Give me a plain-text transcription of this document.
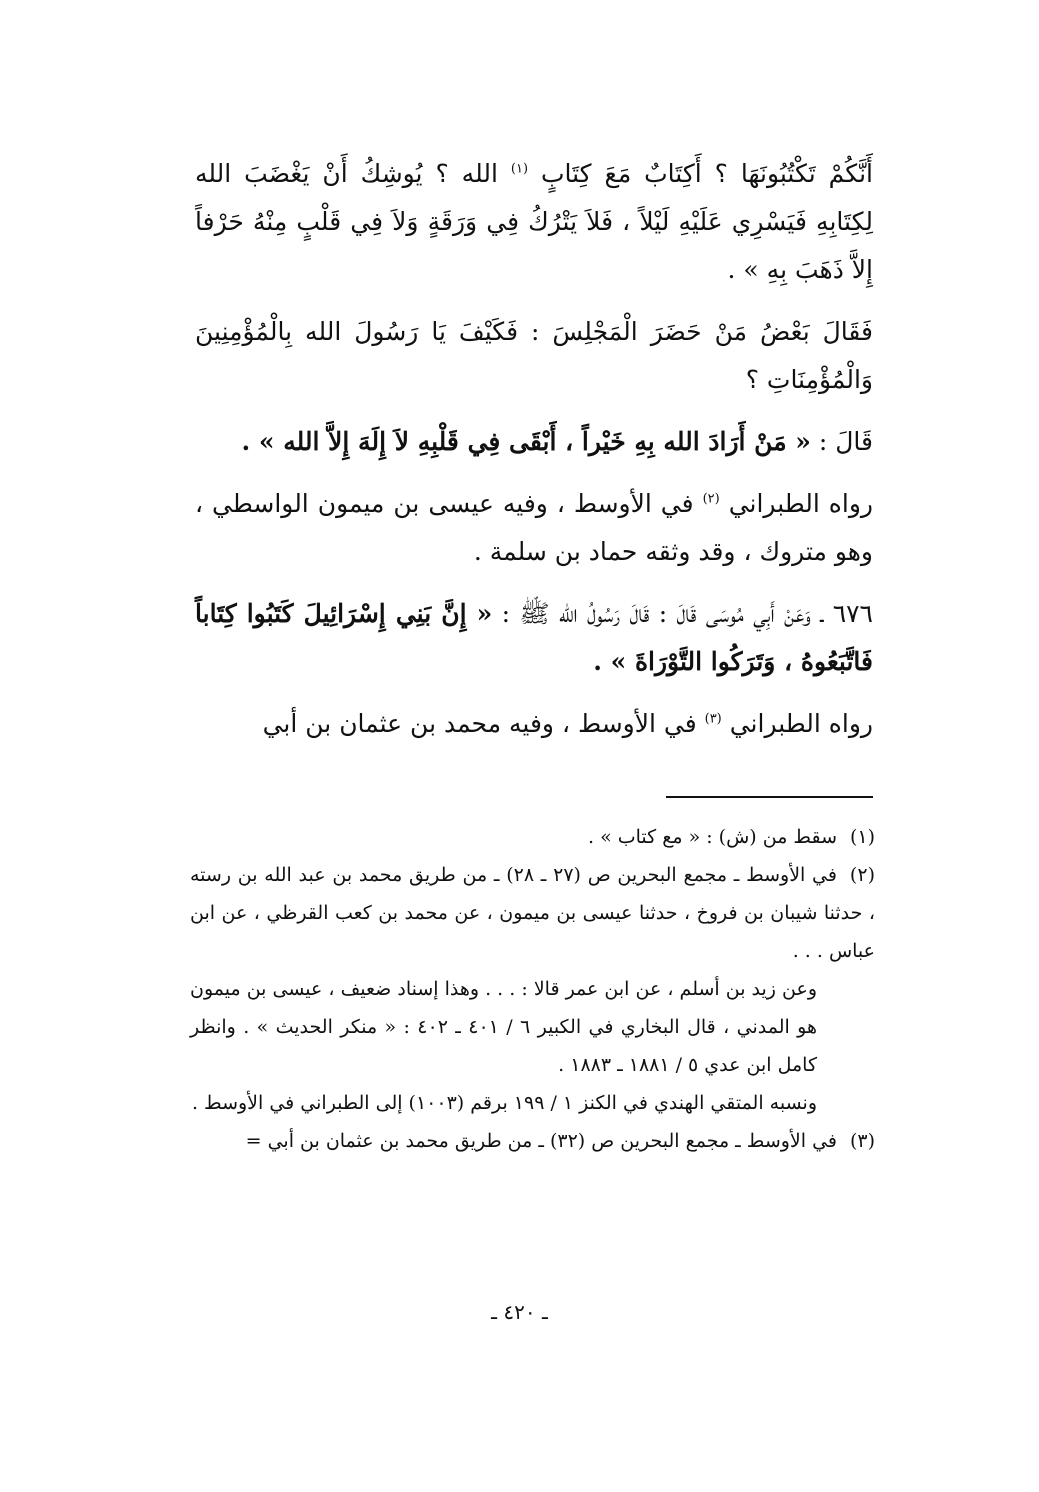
أَنَّكُمْ تَكْتُبُونَهَا ؟ أَكِتَابٌ مَعَ كِتَابٍ $^{(١)}$ الله ؟ يُوشِكُ أَنْ يَغْضَبَ الله لِكِتَابِهِ فَيَسْرِي عَلَيْهِ لَيْلاً ، فَلاَ يَتْرُكُ فِي وَرَقَةٍ وَلاَ فِي قَلْبٍ مِنْهُ حَرْفاً إِلاَّ ذَهَبَ بِهِ » .

فَقَالَ بَعْضُ مَنْ حَضَرَ الْمَجْلِسَ : فَكَيْفَ يَا رَسُولَ الله بِالْمُؤْمِنِينَ وَالْمُؤْمِنَاتِ ؟

قَالَ : « مَنْ أَرَادَ الله بِهِ خَيْراً ، أَبْقَى فِي قَلْبِهِ لاَ إِلَهَ إِلاَّ الله » .

رواه الطبراني $^{(٢)}$ في الأوسط ، وفيه عيسى بن ميمون الواسطي ، وهو متروك ، وقد وثقه حماد بن سلمة .

٦٧٦ ـ وَعَنْ أَبِي مُوسَى قَالَ : قَالَ رَسُولُ الله ﷺ : « إِنَّ بَنِي إِسْرَائِيلَ كَتَبُوا كِتَاباً فَاتَّبَعُوهُ ، وَتَرَكُوا التَّوْرَاةَ » .

رواه الطبراني $^{(٣)}$ في الأوسط ، وفيه محمد بن عثمان بن أبي

(١)سقط من (ش) : « مع كتاب » .

(٢)في الأوسط ـ مجمع البحرين ص (٢٧ ـ ٢٨) ـ من طريق محمد بن عبد الله بن رسته ، حدثنا شيبان بن فروخ ، حدثنا عيسى بن ميمون ، عن محمد بن كعب القرظي ، عن ابن عباس . . .

وعن زيد بن أسلم ، عن ابن عمر قالا : . . . وهذا إسناد ضعيف ، عيسى بن ميمون هو المدني ، قال البخاري في الكبير ٦ / ٤٠١ ـ ٤٠٢ : « منكر الحديث » . وانظر كامل ابن عدي ٥ / ١٨٨١ ـ ١٨٨٣ .

ونسبه المتقي الهندي في الكنز ١ / ١٩٩ برقم (١٠٠٣) إلى الطبراني في الأوسط .

(٣)في الأوسط ـ مجمع البحرين ص (٣٢) ـ من طريق محمد بن عثمان بن أبي =

ـ ٤٢٠ ـ
